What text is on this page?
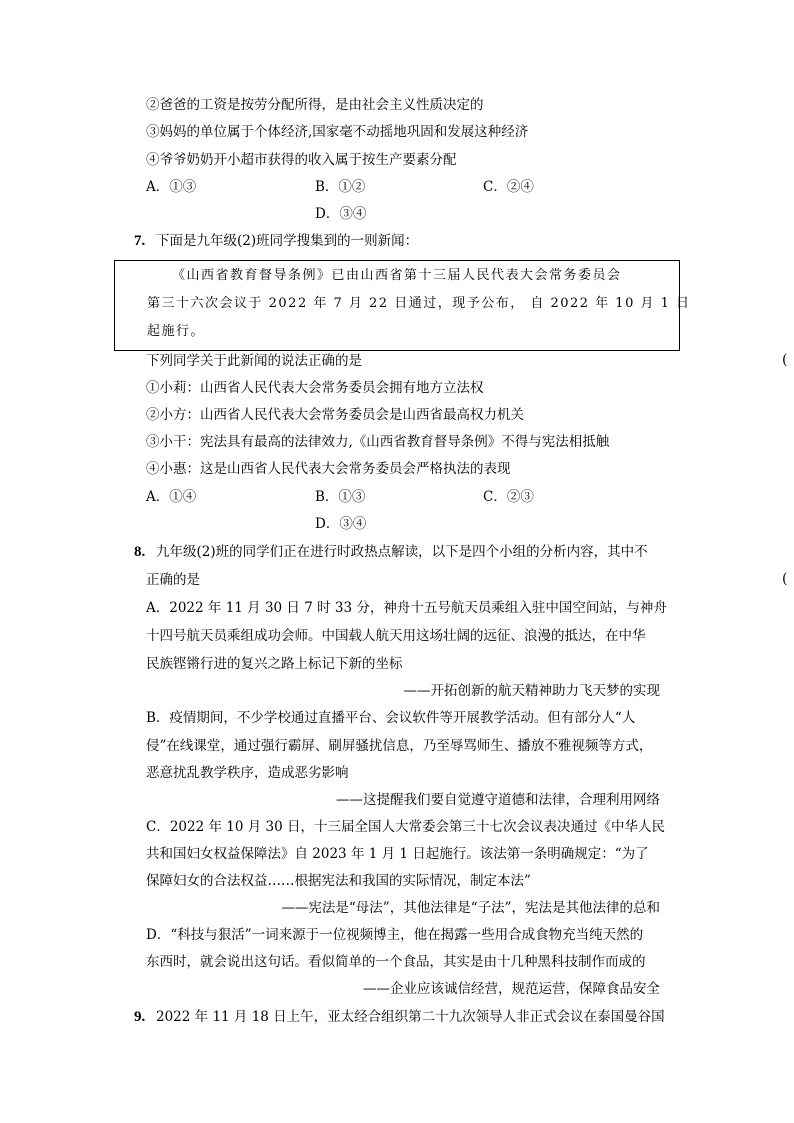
②爸爸的工资是按劳分配所得，是由社会主义性质决定的
③妈妈的单位属于个体经济,国家毫不动摇地巩固和发展这种经济
④爷爷奶奶开小超市获得的收入属于按生产要素分配
A．①③	B．①②	C．②④
D．③④
7. 下面是九年级(2)班同学搜集到的一则新闻：
《山西省教育督导条例》已由山西省第十三届人民代表大会常务委员会
第三十六次会议于 2022 年 7 月 22 日通过，现予公布， 自 2022 年 10 月 1 日
起施行。
下列同学关于此新闻的说法正确的是	(
①小莉：山西省人民代表大会常务委员会拥有地方立法权
②小方：山西省人民代表大会常务委员会是山西省最高权力机关
③小干：宪法具有最高的法律效力,《山西省教育督导条例》不得与宪法相抵触
④小惠：这是山西省人民代表大会常务委员会严格执法的表现
A．①④	B．①③	C．②③
D．③④
8. 九年级(2)班的同学们正在进行时政热点解读，以下是四个小组的分析内容，其中不
正确的是	(
A．2022 年 11 月 30 日 7 时 33 分，神舟十五号航天员乘组入驻中国空间站，与神舟
十四号航天员乘组成功会师。中国载人航天用这场壮阔的远征、浪漫的抵达，在中华
民族铿锵行进的复兴之路上标记下新的坐标
——开拓创新的航天精神助力飞天梦的实现
B．疫情期间，不少学校通过直播平台、会议软件等开展教学活动。但有部分人“人
侵”在线课堂，通过强行霸屏、刷屏骚扰信息，乃至辱骂师生、播放不雅视频等方式，
恶意扰乱教学秩序，造成恶劣影响
——这提醒我们要自觉遵守道德和法律，合理利用网络
C．2022 年 10 月 30 日，十三届全国人大常委会第三十七次会议表决通过《中华人民
共和国妇女权益保障法》自 2023 年 1 月 1 日起施行。该法第一条明确规定：“为了
保障妇女的合法权益……根据宪法和我国的实际情况，制定本法”
——宪法是“母法”，其他法律是“子法”，宪法是其他法律的总和
D．“科技与狠活”一词来源于一位视频博主，他在揭露一些用合成食物充当纯天然的
东西时，就会说出这句话。看似简单的一个食品，其实是由十几种黑科技制作而成的
——企业应该诚信经营，规范运营，保障食品安全
9. 2022 年 11 月 18 日上午，亚太经合组织第二十九次领导人非正式会议在泰国曼谷国
